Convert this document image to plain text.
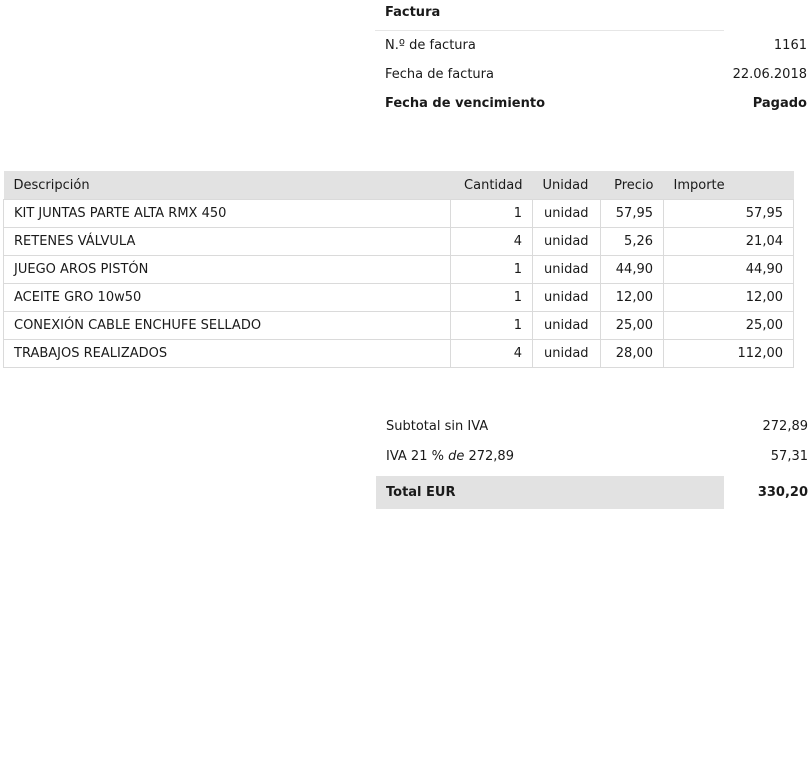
Factura
N.º de factura	1161
Fecha de factura	22.06.2018
Fecha de vencimiento	Pagado
Descripción	Cantidad	Unidad	Precio	Importe
KIT JUNTAS PARTE ALTA RMX 450	1	unidad	57,95	57,95
RETENES VÁLVULA	4	unidad	5,26	21,04
JUEGO AROS PISTÓN	1	unidad	44,90	44,90
ACEITE GRO 10w50	1	unidad	12,00	12,00
CONEXIÓN CABLE ENCHUFE SELLADO	1	unidad	25,00	25,00
TRABAJOS REALIZADOS	4	unidad	28,00	112,00
Subtotal sin IVA	272,89
IVA 21 % de 272,89	57,31
Total EUR	330,20
